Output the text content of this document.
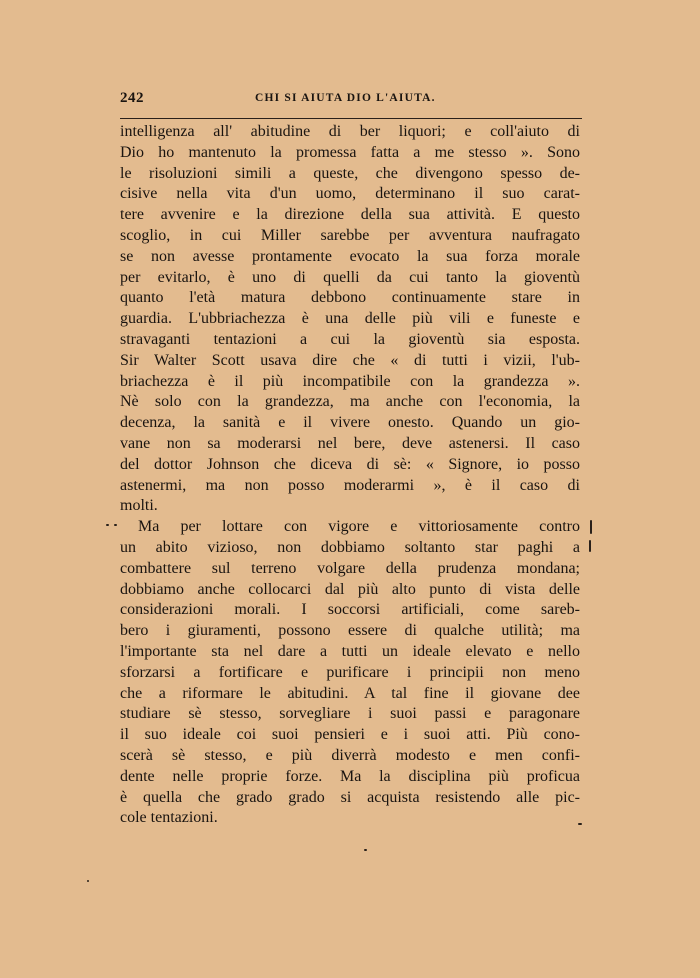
242	CHI SI AIUTA DIO L'AIUTA.
intelligenza all' abitudine di ber liquori; e coll'aiuto di
Dio ho mantenuto la promessa fatta a me stesso ». Sono
le risoluzioni simili a queste, che divengono spesso de-
cisive nella vita d'un uomo, determinano il suo carat-
tere avvenire e la direzione della sua attività. E questo
scoglio, in cui Miller sarebbe per avventura naufragato
se non avesse prontamente evocato la sua forza morale
per evitarlo, è uno di quelli da cui tanto la gioventù
quanto l'età matura debbono continuamente stare in
guardia. L'ubbriachezza è una delle più vili e funeste e
stravaganti tentazioni a cui la gioventù sia esposta.
Sir Walter Scott usava dire che « di tutti i vizii, l'ub-
briachezza è il più incompatibile con la grandezza ».
Nè solo con la grandezza, ma anche con l'economia, la
decenza, la sanità e il vivere onesto. Quando un gio-
vane non sa moderarsi nel bere, deve astenersi. Il caso
del dottor Johnson che diceva di sè: « Signore, io posso
astenermi, ma non posso moderarmi », è il caso di
molti.
Ma per lottare con vigore e vittoriosamente contro
un abito vizioso, non dobbiamo soltanto star paghi a
combattere sul terreno volgare della prudenza mondana;
dobbiamo anche collocarci dal più alto punto di vista delle
considerazioni morali. I soccorsi artificiali, come sareb-
bero i giuramenti, possono essere di qualche utilità; ma
l'importante sta nel dare a tutti un ideale elevato e nello
sforzarsi a fortificare e purificare i principii non meno
che a riformare le abitudini. A tal fine il giovane dee
studiare sè stesso, sorvegliare i suoi passi e paragonare
il suo ideale coi suoi pensieri e i suoi atti. Più cono-
scerà sè stesso, e più diverrà modesto e men confi-
dente nelle proprie forze. Ma la disciplina più proficua
è quella che grado grado si acquista resistendo alle pic-
cole tentazioni.
